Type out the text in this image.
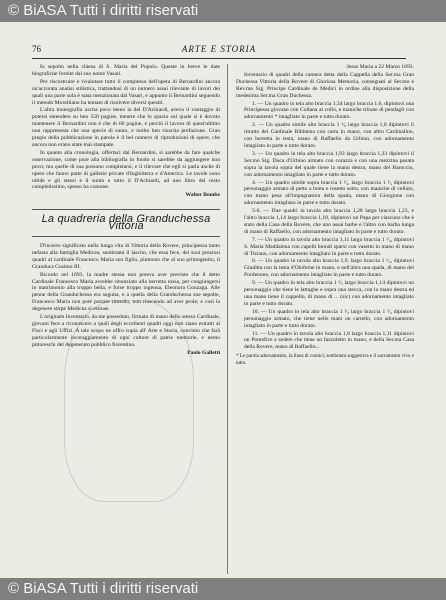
© BiASA Tutti i diritti riservati
76	ARTE E STORIA

fu sepolto nella chiesa di S. Maria del Popolo. Queste in breve le date biografiche fornite dal suo nome Vasari.

Per riscostruire e rivalutare tutto il complesso dell'opera di Bernardini ancora un'accurata analisi stilistica, trattandosi di un numero assai rilevante di lavori dei quali una parte sola è stata menzionata dal Vasari, e appunto il Bernardini seguendo il metodo Morelliano ha tentato di risolvere diversi quesiti.

L'altra monografia uscita poco meno la del D'Achiardi, aveva il vantaggio di potersi estendere su ben 350 pagine, mentre che lo spazio sul quale si è dovuto mantenere il Bernardini non è che di 60 pagine, e perciò il lavoro di quest'ultimo non rappresenta che una specie di sunto, e molto ben riuscita prefazione. Gran pregio della pubblicazione in parola è il bel numero di riproduzioni di opere, che ancora non erano state mai stampate.

In quanto alla cronologia, offertaci dal Bernardini, si sarebbe da fare qualche osservazione, come pure alla bibliografia in fondo si sarebbe da aggiungere non poco; ma quelle di sua possono completarsi, e il rilevare che egli si parla anche di opere che fanno parte di gallerie private d'Inghilterra e d'America. Le tavole sono nitide e gli stessi e il sunto e tutto il D'Achiardi, ad uno libro del resto completissimo, spesso ha comune.

Walter Bombe
La quadreria della Granduchessa Vittoria

D'incerto significato nella lunga vita di Vittoria della Rovere, principessa tanto nefasta alla famiglia Medicea, sembrami il lascito, che essa fece, dei suoi preziosi quadri al cardinale Francesco Maria suo figlio, piuttosto che al suo primogenito, il Granduca Cosimo III.

Ricordo nel 1693, la madre stessa non poteva aver previsto che il detto Cardinale Francesco Maria avrebbe rinunziato alla berretta rossa, per congiungersi in matrimonio alla troppo bella, e forse troppo ingenua, Eleonora Gonzaga. Alle penne della Granduchessa era seguita, e a quella della Granduchessa sue sepolte, Francesco Maria non poté portare rimedio, non riuscendo ad aver prole; e così la degenere stirpe Medicea si estinse.

L'originale Inventario, da me posseduto, firmato di mano dello stesso Cardinale, giovani fece a riconoscere a quali degli eccellenti quadri oggi noti siano estratti al Fisci e agli Uffizi. A tale scopo ne offro copia all' Arte e Storia, convinto che farà particolarmente incoraggiamento di ogni cultore di patrie memorie, e nemo pittoreschi del degenerato pubblico fiorentino.

Paolo Galletti

Jesus Maria a 22 Marzo 1693.

Inventario di quadri della camera detta della Cappella della Ser.ma Gran Duchessa Vittoria della Rovere di Gloriosa Memoria, consegnati al Ser.mo e Rev.mo Sig. Principe Cardinale de Medici in ordine alla disposizione della medesima Ser.ma Gran Duchessa.

1. — Un quadro in tela alto braccia 1,34 largo braccia 1,6, dipintovi una Principessa giovane con Collana al collo, e maniche trinate di pendagli con adornamento * intagliato in parte e tutto dorato.

2. — Un quadro simile alto braccia 1 ¹⁄₈ largo braccia 1,8 dipintovi il ritratto del Cardinale Bibbiena con carta in mano, con altro Cardinalino, con berretta in testa, mano di Raffaello da Urbino, con adornamento intagliato in parte e tutto dorato.

3. — Un quadro in tela alto braccia 1,93 largo braccia 1,23 dipintovi il Ser.mo Sig. Duca d'Urbino armato con corazza e con una mezzina posata sopra la tavola sopra del quale tiene la mano destra, mano del Baroccio, con adornamento intagliato in parte e tutto dorato.

4. — Un quadro simile sopra braccia 1 ¹⁄₄, largo braccia 1 ¹⁄₄ dipintovi personaggio armato di petto a botta e rosetto sotto, con maniche di velluto, con mano pesa all'impugnatura della spada, mano di Giorgione con adornamento intagliato in parte e tutto dorato.

5-6. — Due quadri in tavola alto braccia 1,28 largo braccia 1,23, e l'altro braccia 1,14 largo braccia 1,18, dipintovi un Papa per ciascuno che è stato della Casa della Rovere, che uno assai barbe e l'altro con barba lunga di mano di Raffaello, con adornamento intagliato in parte e tutto dorato.

7. — Un quadro in tavola alto braccia 1,11 largo braccia 1 ¹⁄₄, dipintovi S. Maria Maddalena con capelli biondi sparsi con vasetto in mano di mano di Tiziano, con adornamento intagliato in parte e tutto dorato.

8. — Un quadro in tavola alto braccia 1,9, largo braccia 1 ¹⁄₄, dipintovi Giuditta con la testa d'Oloferne in mano, e nell'altra una spada, di mano del Pordenone, con adornamento intagliato in parte e tutto dorato.

9. — Un quadro in tela alto braccia 1 ²⁄₃ largo braccia 1,14 dipintovi un personaggio che tiene le lattughe e sopra una stecca, con la mano destra ed una mano tiene il cappello, di mano di ... (sic) con adornamento intagliato in parte e tutto dorato.

10. — Un quadro in tela alto braccia 1 ¹⁄₃ largo braccia 1 ¹⁄₃ dipintovi personaggio armato, che tiene nelle mani un cartello, con adornamento intagliato in parte e tutto dorato.

11. — Un quadro in tavola alto braccia 1,8 largo braccia 1,11 dipintovi un Pontefice a sedere che tiene un fazzoletto in mano, e della Ser.ma Casa della Rovere, mano di Raffaello...

* Le parola adornamento, la linea di cornici, sembrami suggestiva e il sacramento vivo e tutto.
© BiASA Tutti i diritti riservati
